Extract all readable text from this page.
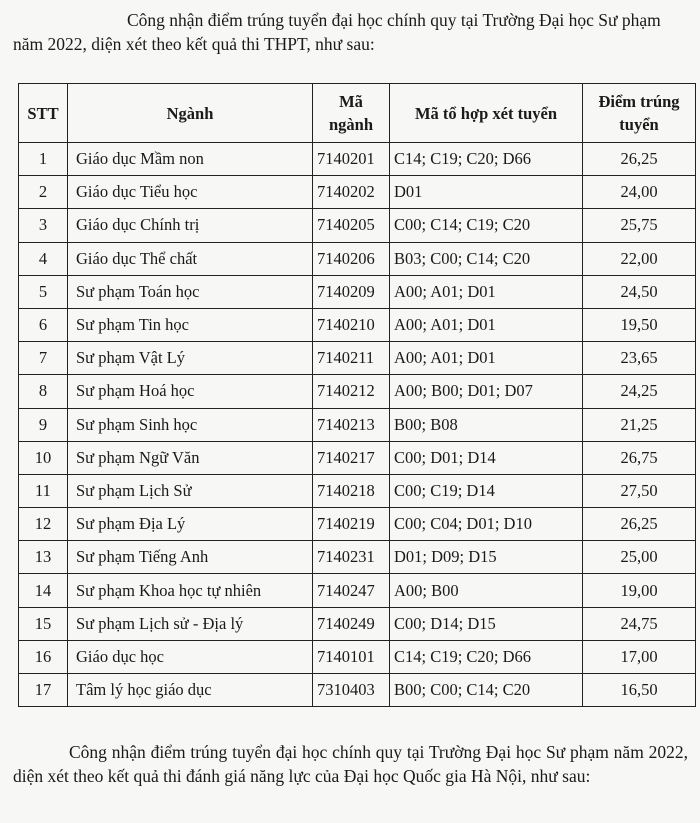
Công nhận điểm trúng tuyển đại học chính quy tại Trường Đại học Sư phạm năm 2022, diện xét theo kết quả thi THPT, như sau:

STT	Ngành	Mã ngành	Mã tổ hợp xét tuyển	Điểm trúng tuyển
1	Giáo dục Mầm non	7140201	C14; C19; C20; D66	26,25
2	Giáo dục Tiểu học	7140202	D01	24,00
3	Giáo dục Chính trị	7140205	C00; C14; C19; C20	25,75
4	Giáo dục Thể chất	7140206	B03; C00; C14; C20	22,00
5	Sư phạm Toán học	7140209	A00; A01; D01	24,50
6	Sư phạm Tin học	7140210	A00; A01; D01	19,50
7	Sư phạm Vật Lý	7140211	A00; A01; D01	23,65
8	Sư phạm Hoá học	7140212	A00; B00; D01; D07	24,25
9	Sư phạm Sinh học	7140213	B00; B08	21,25
10	Sư phạm Ngữ Văn	7140217	C00; D01; D14	26,75
11	Sư phạm Lịch Sử	7140218	C00; C19; D14	27,50
12	Sư phạm Địa Lý	7140219	C00; C04; D01; D10	26,25
13	Sư phạm Tiếng Anh	7140231	D01; D09; D15	25,00
14	Sư phạm Khoa học tự nhiên	7140247	A00; B00	19,00
15	Sư phạm Lịch sử - Địa lý	7140249	C00; D14; D15	24,75
16	Giáo dục học	7140101	C14; C19; C20; D66	17,00
17	Tâm lý học giáo dục	7310403	B00; C00; C14; C20	16,50

Công nhận điểm trúng tuyển đại học chính quy tại Trường Đại học Sư phạm năm 2022, diện xét theo kết quả thi đánh giá năng lực của Đại học Quốc gia Hà Nội, như sau:
